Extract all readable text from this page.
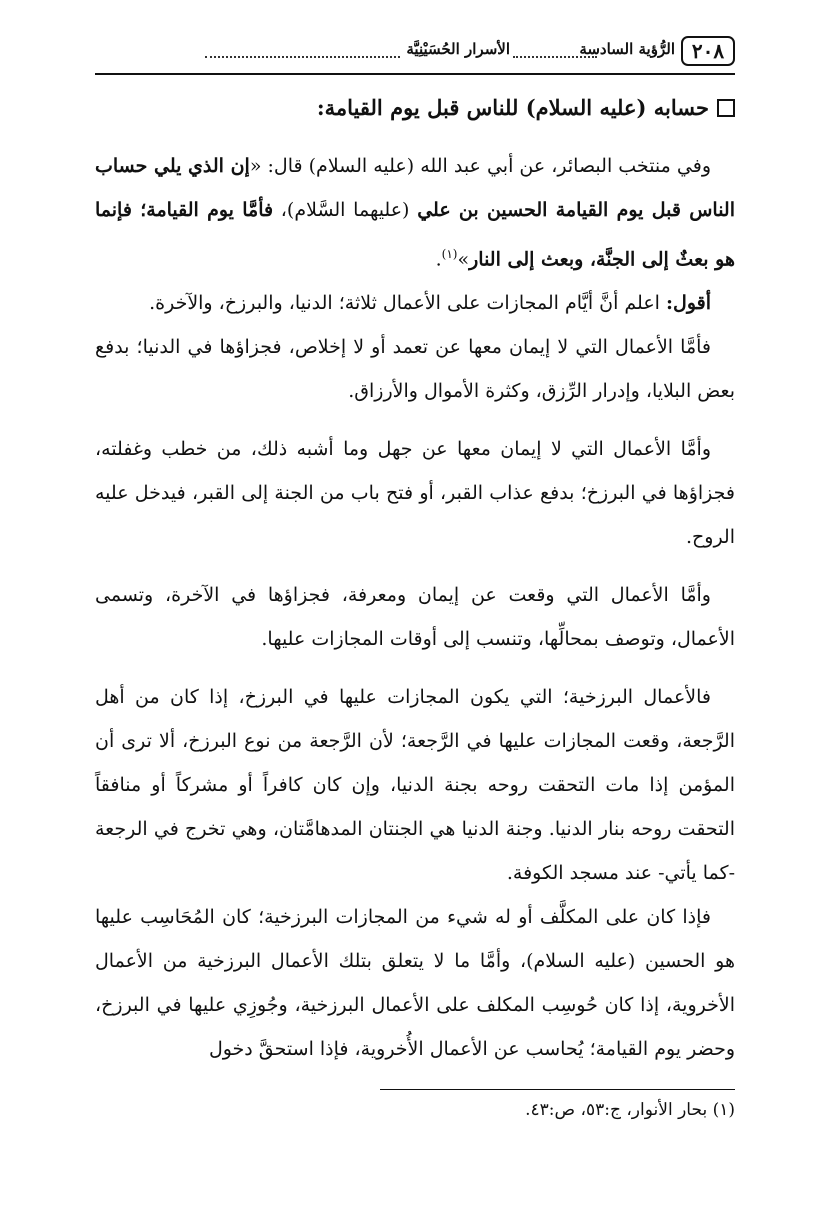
٢٠٨
الرُّؤية السادسة
الأسرار الحُسَيْنِيَّة
حسابه (عليه السلام) للناس قبل يوم القيامة:

وفي منتخب البصائر، عن أبي عبد الله (عليه السلام) قال: «إن الذي يلي حساب الناس قبل يوم القيامة الحسين بن علي (عليهما السَّلام)، فأمَّا يوم القيامة؛ فإنما هو بعثٌ إلى الجنَّة، وبعث إلى النار»$^{(١)}$.

أقول: اعلم أنَّ أيَّام المجازات على الأعمال ثلاثة؛ الدنيا، والبرزخ، والآخرة.

فأمَّا الأعمال التي لا إيمان معها عن تعمد أو لا إخلاص، فجزاؤها في الدنيا؛ بدفع بعض البلايا، وإدرار الرِّزق، وكثرة الأموال والأرزاق.

وأمَّا الأعمال التي لا إيمان معها عن جهل وما أشبه ذلك، من خطب وغفلته، فجزاؤها في البرزخ؛ بدفع عذاب القبر، أو فتح باب من الجنة إلى القبر، فيدخل عليه الروح.

وأمَّا الأعمال التي وقعت عن إيمان ومعرفة، فجزاؤها في الآخرة، وتسمى الأعمال، وتوصف بمحالِّها، وتنسب إلى أوقات المجازات عليها.

فالأعمال البرزخية؛ التي يكون المجازات عليها في البرزخ، إذا كان من أهل الرَّجعة، وقعت المجازات عليها في الرَّجعة؛ لأن الرَّجعة من نوع البرزخ، ألا ترى أن المؤمن إذا مات التحقت روحه بجنة الدنيا، وإن كان كافراً أو مشركاً أو منافقاً التحقت روحه بنار الدنيا. وجنة الدنيا هي الجنتان المدهامَّتان، وهي تخرج في الرجعة -كما يأتي- عند مسجد الكوفة.

فإذا كان على المكلَّف أو له شيء من المجازات البرزخية؛ كان المُحَاسِب عليها هو الحسين (عليه السلام)، وأمَّا ما لا يتعلق بتلك الأعمال البرزخية من الأعمال الأخروية، إذا كان حُوسِب المكلف على الأعمال البرزخية، وجُوزِي عليها في البرزخ، وحضر يوم القيامة؛ يُحاسب عن الأعمال الأُخروية، فإذا استحقَّ دخول

(١) بحار الأنوار، ج:٥٣، ص:٤٣.
